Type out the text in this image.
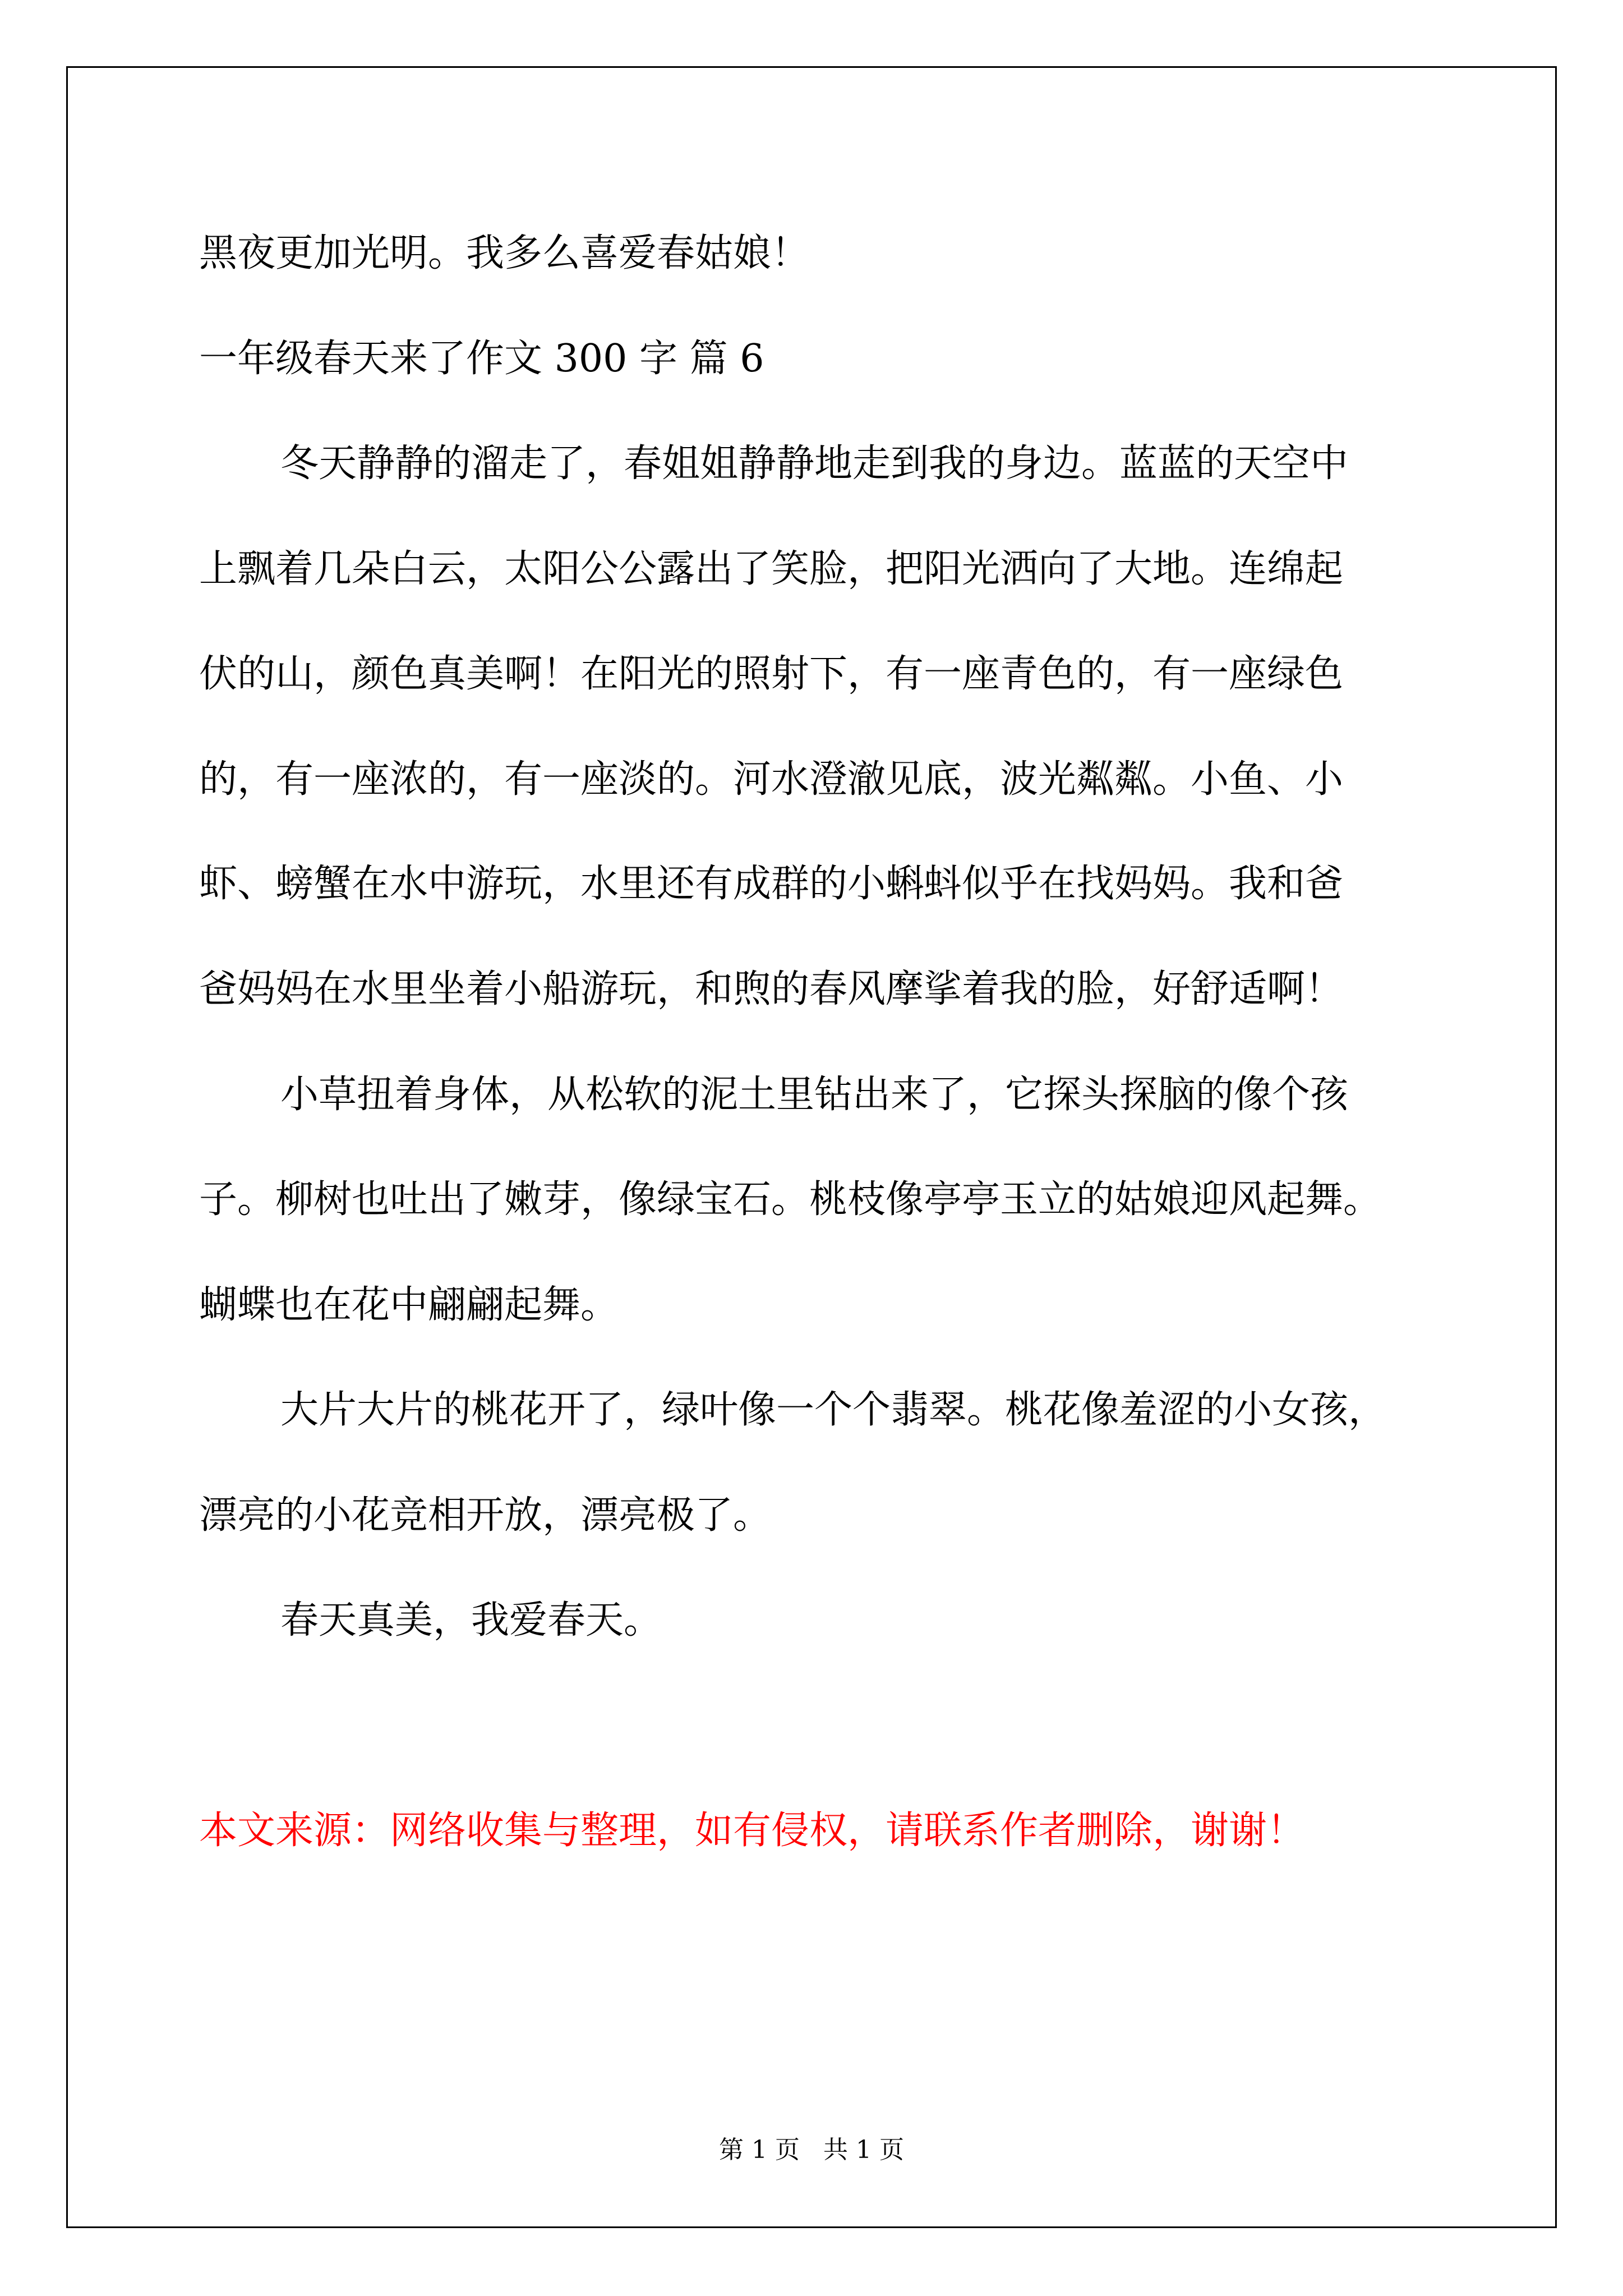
黑夜更加光明。我多么喜爱春姑娘！
一年级春天来了作文 300 字 篇 6
冬天静静的溜走了，春姐姐静静地走到我的身边。蓝蓝的天空中
上飘着几朵白云，太阳公公露出了笑脸，把阳光洒向了大地。连绵起
伏的山，颜色真美啊！在阳光的照射下，有一座青色的，有一座绿色
的，有一座浓的，有一座淡的。河水澄澈见底，波光粼粼。小鱼、小
虾、螃蟹在水中游玩，水里还有成群的小蝌蚪似乎在找妈妈。我和爸
爸妈妈在水里坐着小船游玩，和煦的春风摩挲着我的脸，好舒适啊！
小草扭着身体，从松软的泥土里钻出来了，它探头探脑的像个孩
子。柳树也吐出了嫩芽，像绿宝石。桃枝像亭亭玉立的姑娘迎风起舞。
蝴蝶也在花中翩翩起舞。
大片大片的桃花开了，绿叶像一个个翡翠。桃花像羞涩的小女孩，
漂亮的小花竞相开放，漂亮极了。
春天真美，我爱春天。
本文来源：网络收集与整理，如有侵权，请联系作者删除，谢谢！
第 1 页   共 1 页
